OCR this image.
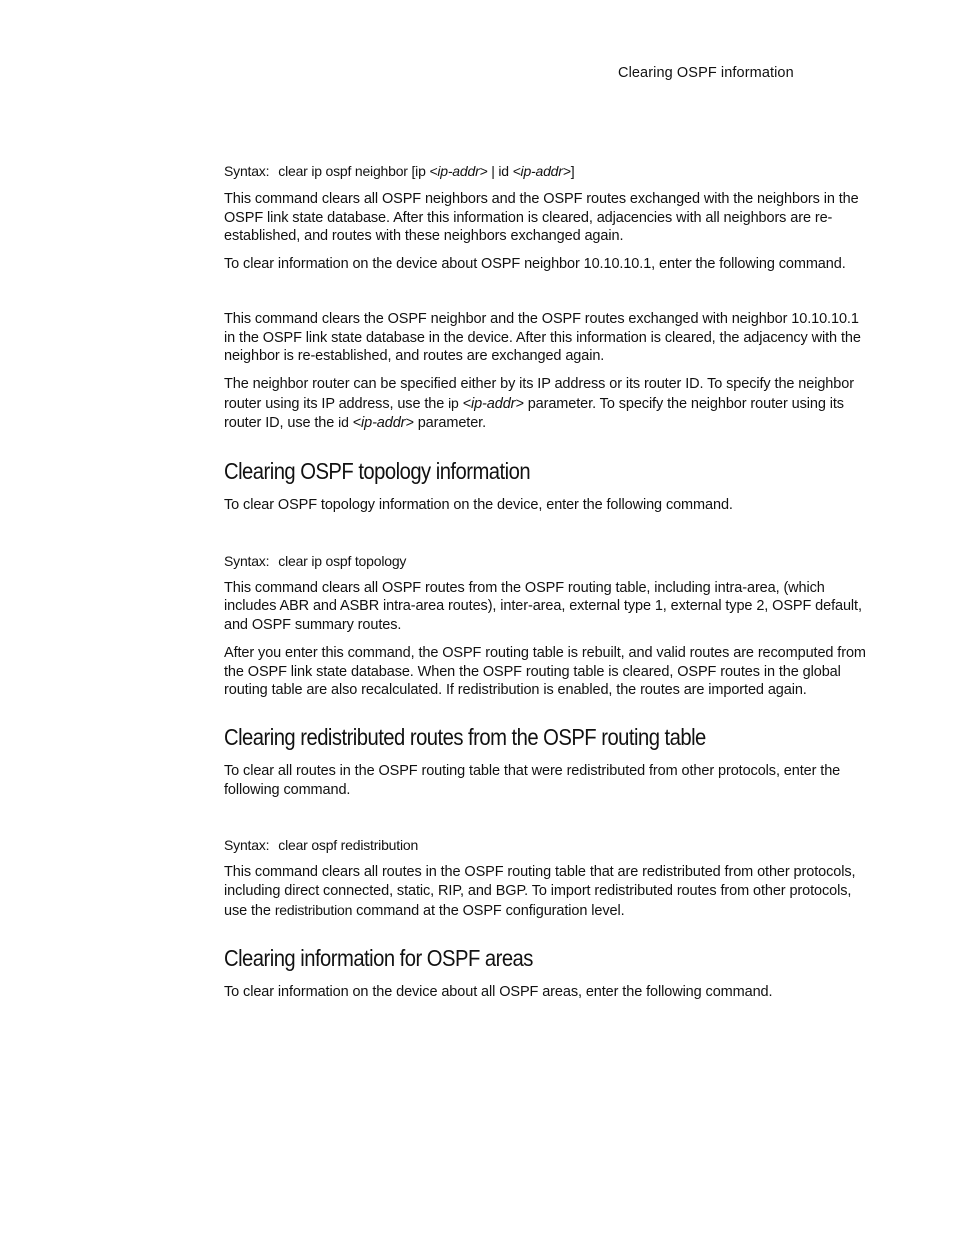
Clearing OSPF information
Syntax: clear ip ospf neighbor [ip <ip-addr> | id <ip-addr>]

This command clears all OSPF neighbors and the OSPF routes exchanged with the neighbors in the OSPF link state database. After this information is cleared, adjacencies with all neighbors are re-established, and routes with these neighbors exchanged again.

To clear information on the device about OSPF neighbor 10.10.10.1, enter the following command.

This command clears the OSPF neighbor and the OSPF routes exchanged with neighbor 10.10.10.1 in the OSPF link state database in the device. After this information is cleared, the adjacency with the neighbor is re-established, and routes are exchanged again.

The neighbor router can be specified either by its IP address or its router ID. To specify the neighbor router using its IP address, use the ip <ip-addr> parameter. To specify the neighbor router using its router ID, use the id <ip-addr> parameter.

Clearing OSPF topology information

To clear OSPF topology information on the device, enter the following command.

Syntax: clear ip ospf topology

This command clears all OSPF routes from the OSPF routing table, including intra-area, (which includes ABR and ASBR intra-area routes), inter-area, external type 1, external type 2, OSPF default, and OSPF summary routes.

After you enter this command, the OSPF routing table is rebuilt, and valid routes are recomputed from the OSPF link state database. When the OSPF routing table is cleared, OSPF routes in the global routing table are also recalculated. If redistribution is enabled, the routes are imported again.

Clearing redistributed routes from the OSPF routing table

To clear all routes in the OSPF routing table that were redistributed from other protocols, enter the following command.

Syntax: clear ospf redistribution

This command clears all routes in the OSPF routing table that are redistributed from other protocols, including direct connected, static, RIP, and BGP. To import redistributed routes from other protocols, use the redistribution command at the OSPF configuration level.

Clearing information for OSPF areas

To clear information on the device about all OSPF areas, enter the following command.
